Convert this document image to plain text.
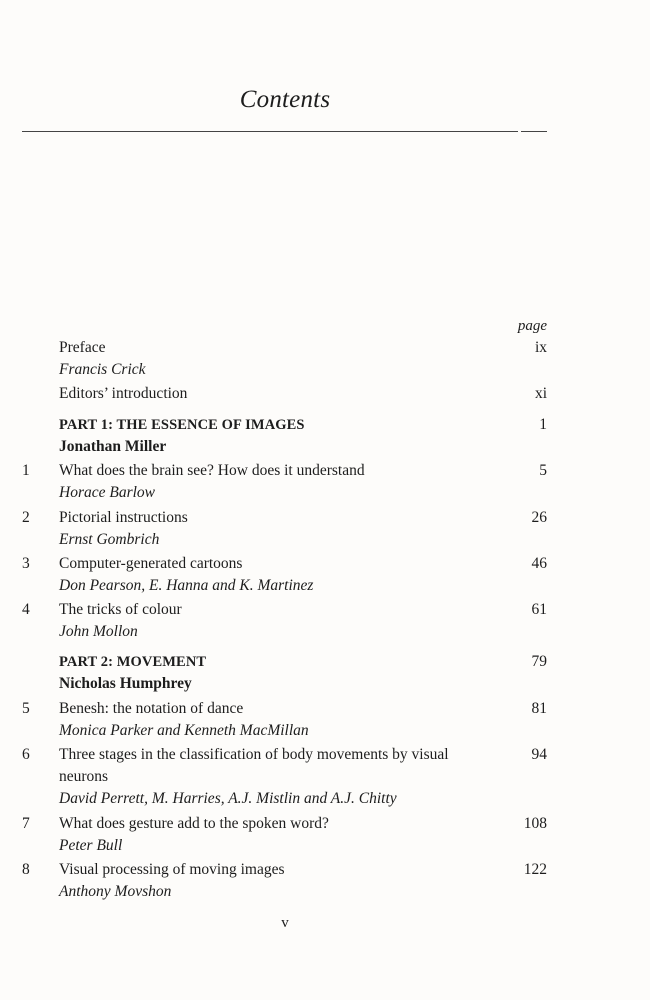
Contents
page
Preface	ix
Francis Crick
Editors’ introduction	xi
PART 1: THE ESSENCE OF IMAGES	1
Jonathan Miller
1	What does the brain see? How does it understand	5
Horace Barlow
2	Pictorial instructions	26
Ernst Gombrich
3	Computer-generated cartoons	46
Don Pearson, E. Hanna and K. Martinez
4	The tricks of colour	61
John Mollon
PART 2: MOVEMENT	79
Nicholas Humphrey
5	Benesh: the notation of dance	81
Monica Parker and Kenneth MacMillan
6	Three stages in the classification of body movements by visual	94
neurons
David Perrett, M. Harries, A.J. Mistlin and A.J. Chitty
7	What does gesture add to the spoken word?	108
Peter Bull
8	Visual processing of moving images	122
Anthony Movshon
v
